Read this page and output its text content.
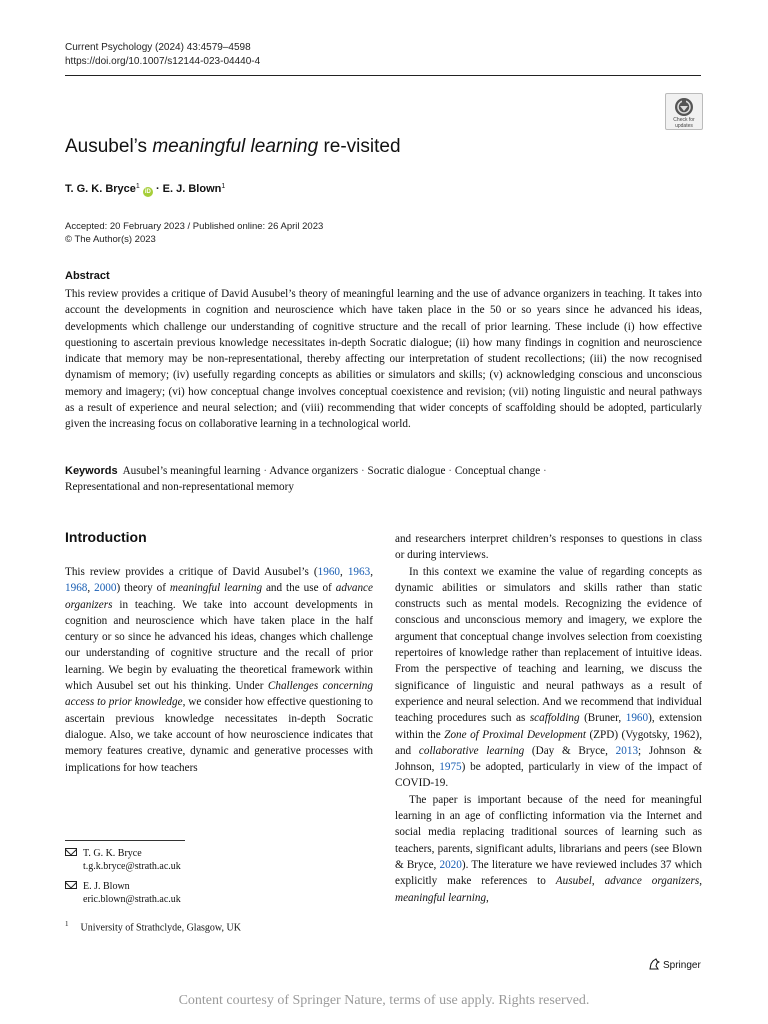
Current Psychology (2024) 43:4579–4598
https://doi.org/10.1007/s12144-023-04440-4
Check for
updates
Ausubel’s meaningful learning re-visited
T. G. K. Bryce$^1$ iD · E. J. Blown$^1$
Accepted: 20 February 2023 / Published online: 26 April 2023
© The Author(s) 2023
Abstract
This review provides a critique of David Ausubel’s theory of meaningful learning and the use of advance organizers in teaching. It takes into account the developments in cognition and neuroscience which have taken place in the 50 or so years since he advanced his ideas, developments which challenge our understanding of cognitive structure and the recall of prior learning. These include (i) how effective questioning to ascertain previous knowledge necessitates in-depth Socratic dialogue; (ii) how many findings in cognition and neuroscience indicate that memory may be non-representational, thereby affecting our interpretation of student recollections; (iii) the now recognised dynamism of memory; (iv) usefully regarding concepts as abilities or simulators and skills; (v) acknowledging conscious and unconscious memory and imagery; (vi) how conceptual change involves conceptual coexistence and revision; (vii) noting linguistic and neural pathways as a result of experience and neural selection; and (viii) recommending that wider concepts of scaffolding should be adopted, particularly given the increasing focus on collaborative learning in a technological world.
Keywords Ausubel’s meaningful learning · Advance organizers · Socratic dialogue · Conceptual change ·
Representational and non-representational memory
Introduction

This review provides a critique of David Ausubel’s (1960, 1963, 1968, 2000) theory of meaningful learning and the use of advance organizers in teaching. We take into account developments in cognition and neuroscience which have taken place in the half century or so since he advanced his ideas, changes which challenge our understanding of cognitive structure and the recall of prior learning. We begin by evaluating the theoretical framework within which Ausubel set out his thinking. Under Challenges concerning access to prior knowledge, we consider how effective questioning to ascertain previous knowledge necessitates in-depth Socratic dialogue. Also, we take account of how neuroscience indicates that memory features creative, dynamic and generative processes with implications for how teachers

and researchers interpret children’s responses to questions in class or during interviews.

In this context we examine the value of regarding concepts as dynamic abilities or simulators and skills rather than static constructs such as mental models. Recognizing the evidence of conscious and unconscious memory and imagery, we explore the argument that conceptual change involves selection from coexisting repertoires of knowledge rather than replacement of intuitive ideas. From the perspective of teaching and learning, we discuss the significance of linguistic and neural pathways as a result of experience and neural selection. And we recommend that individual teaching procedures such as scaffolding (Bruner, 1960), extension within the Zone of Proximal Development (ZPD) (Vygotsky, 1962), and collaborative learning (Day & Bryce, 2013; Johnson & Johnson, 1975) be adopted, particularly in view of the impact of COVID-19.

The paper is important because of the need for meaningful learning in an age of conflicting information via the Internet and social media replacing traditional sources of learning such as teachers, parents, significant adults, librarians and peers (see Blown & Bryce, 2020). The literature we have reviewed includes 37 which explicitly make references to Ausubel, advance organizers, meaningful learning,

T. G. K. Bryce
t.g.k.bryce@strath.ac.uk
E. J. Blown
eric.blown@strath.ac.uk
$^1$ University of Strathclyde, Glasgow, UK
Springer
Content courtesy of Springer Nature, terms of use apply. Rights reserved.
